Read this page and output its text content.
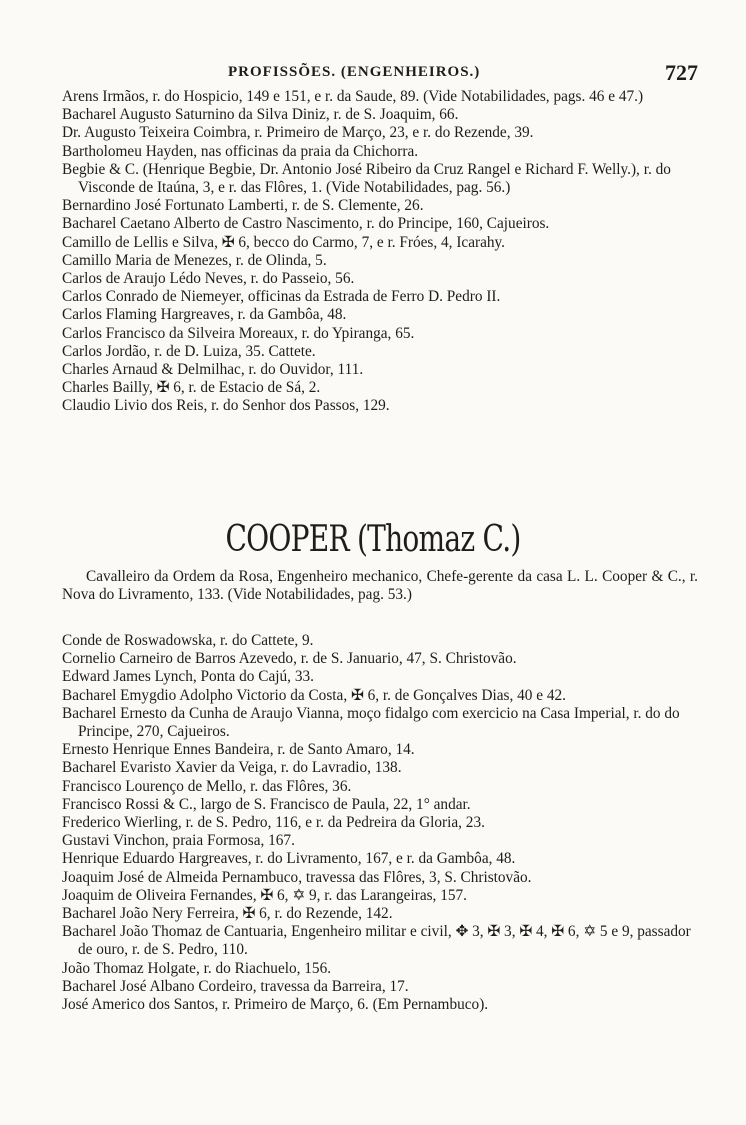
PROFISSÕES. (ENGENHEIROS.)	727

Arens Irmãos, r. do Hospicio, 149 e 151, e r. da Saude, 89. (Vide Notabilidades, pags. 46 e 47.)

Bacharel Augusto Saturnino da Silva Diniz, r. de S. Joaquim, 66.

Dr. Augusto Teixeira Coimbra, r. Primeiro de Março, 23, e r. do Rezende, 39.

Bartholomeu Hayden, nas officinas da praia da Chichorra.

Begbie & C. (Henrique Begbie, Dr. Antonio José Ribeiro da Cruz Rangel e Richard F. Welly.), r. do Visconde de Itaúna, 3, e r. das Flôres, 1. (Vide Notabilidades, pag. 56.)

Bernardino José Fortunato Lamberti, r. de S. Clemente, 26.

Bacharel Caetano Alberto de Castro Nascimento, r. do Principe, 160, Cajueiros.

Camillo de Lellis e Silva, ✠ 6, becco do Carmo, 7, e r. Fróes, 4, Icarahy.

Camillo Maria de Menezes, r. de Olinda, 5.

Carlos de Araujo Lédo Neves, r. do Passeio, 56.

Carlos Conrado de Niemeyer, officinas da Estrada de Ferro D. Pedro II.

Carlos Flaming Hargreaves, r. da Gambôa, 48.

Carlos Francisco da Silveira Moreaux, r. do Ypiranga, 65.

Carlos Jordão, r. de D. Luiza, 35. Cattete.

Charles Arnaud & Delmilhac, r. do Ouvidor, 111.

Charles Bailly, ✠ 6, r. de Estacio de Sá, 2.

Claudio Livio dos Reis, r. do Senhor dos Passos, 129.

COOPER (Thomaz C.)

Cavalleiro da Ordem da Rosa, Engenheiro mechanico, Chefe-gerente da casa L. L. Cooper & C., r. Nova do Livramento, 133. (Vide Notabilidades, pag. 53.)

Conde de Roswadowska, r. do Cattete, 9.

Cornelio Carneiro de Barros Azevedo, r. de S. Januario, 47, S. Christovão.

Edward James Lynch, Ponta do Cajú, 33.

Bacharel Emygdio Adolpho Victorio da Costa, ✠ 6, r. de Gonçalves Dias, 40 e 42.

Bacharel Ernesto da Cunha de Araujo Vianna, moço fidalgo com exercicio na Casa Imperial, r. do do Principe, 270, Cajueiros.

Ernesto Henrique Ennes Bandeira, r. de Santo Amaro, 14.

Bacharel Evaristo Xavier da Veiga, r. do Lavradio, 138.

Francisco Lourenço de Mello, r. das Flôres, 36.

Francisco Rossi & C., largo de S. Francisco de Paula, 22, 1° andar.

Frederico Wierling, r. de S. Pedro, 116, e r. da Pedreira da Gloria, 23.

Gustavi Vinchon, praia Formosa, 167.

Henrique Eduardo Hargreaves, r. do Livramento, 167, e r. da Gambôa, 48.

Joaquim José de Almeida Pernambuco, travessa das Flôres, 3, S. Christovão.

Joaquim de Oliveira Fernandes, ✠ 6, ✡ 9, r. das Larangeiras, 157.

Bacharel João Nery Ferreira, ✠ 6, r. do Rezende, 142.

Bacharel João Thomaz de Cantuaria, Engenheiro militar e civil, ✥ 3, ✠ 3, ✠ 4, ✠ 6, ✡ 5 e 9, passador de ouro, r. de S. Pedro, 110.

João Thomaz Holgate, r. do Riachuelo, 156.

Bacharel José Albano Cordeiro, travessa da Barreira, 17.

José Americo dos Santos, r. Primeiro de Março, 6. (Em Pernambuco).
